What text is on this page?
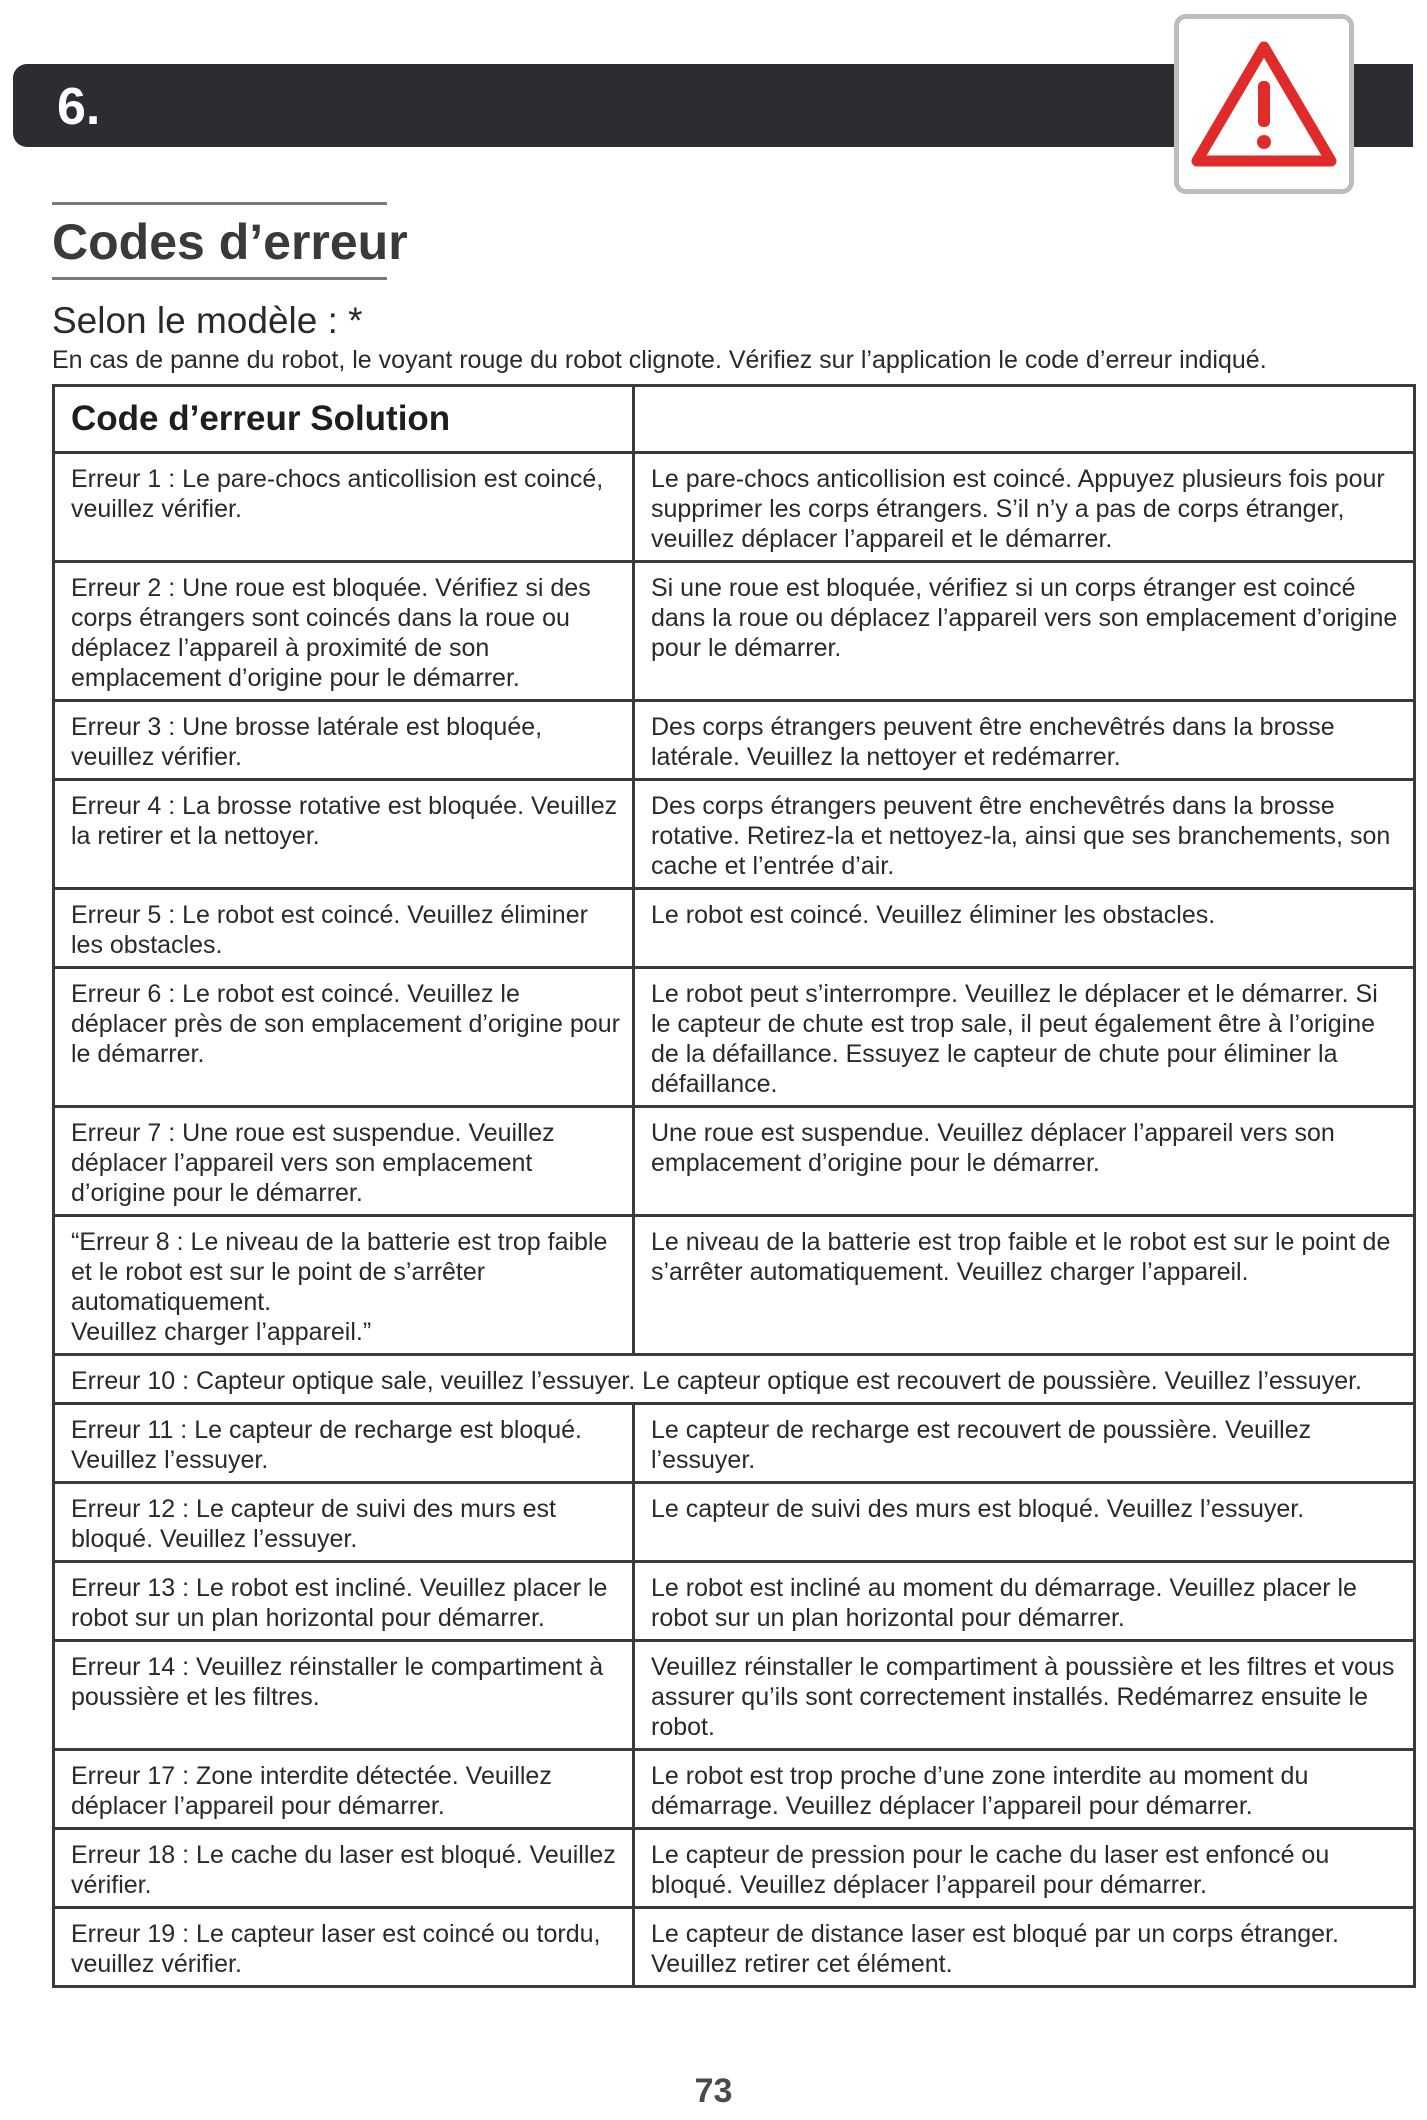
6.
Codes d’erreur
Selon le modèle : *
En cas de panne du robot, le voyant rouge du robot clignote. Vérifiez sur l’application le code d’erreur indiqué.
Code d’erreur Solution	
Erreur 1 : Le pare-chocs anticollision est coincé, veuillez vérifier.	Le pare-chocs anticollision est coincé. Appuyez plusieurs fois pour supprimer les corps étrangers. S’il n’y a pas de corps étranger, veuillez déplacer l’appareil et le démarrer.
Erreur 2 : Une roue est bloquée. Vérifiez si des corps étrangers sont coincés dans la roue ou déplacez l’appareil à proximité de son emplacement d’origine pour le démarrer.	Si une roue est bloquée, vérifiez si un corps étranger est coincé dans la roue ou déplacez l’appareil vers son emplacement d’origine pour le démarrer.
Erreur 3 : Une brosse latérale est bloquée, veuillez vérifier.	Des corps étrangers peuvent être enchevêtrés dans la brosse latérale. Veuillez la nettoyer et redémarrer.
Erreur 4 : La brosse rotative est bloquée. Veuillez la retirer et la nettoyer.	Des corps étrangers peuvent être enchevêtrés dans la brosse rotative. Retirez-la et nettoyez-la, ainsi que ses branchements, son cache et l’entrée d’air.
Erreur 5 : Le robot est coincé. Veuillez éliminer les obstacles.	Le robot est coincé. Veuillez éliminer les obstacles.
Erreur 6 : Le robot est coincé. Veuillez le déplacer près de son emplacement d’origine pour le démarrer.	Le robot peut s’interrompre. Veuillez le déplacer et le démarrer. Si le capteur de chute est trop sale, il peut également être à l’origine de la défaillance. Essuyez le capteur de chute pour éliminer la défaillance.
Erreur 7 : Une roue est suspendue. Veuillez déplacer l’appareil vers son emplacement d’origine pour le démarrer.	Une roue est suspendue. Veuillez déplacer l’appareil vers son emplacement d’origine pour le démarrer.
“Erreur 8 : Le niveau de la batterie est trop faible et le robot est sur le point de s’arrêter automatiquement.
Veuillez charger l’appareil.”	Le niveau de la batterie est trop faible et le robot est sur le point de s’arrêter automatiquement. Veuillez charger l’appareil.
Erreur 10 : Capteur optique sale, veuillez l’essuyer. Le capteur optique est recouvert de poussière. Veuillez l’essuyer.	
Erreur 11 : Le capteur de recharge est bloqué. Veuillez l’essuyer.	Le capteur de recharge est recouvert de poussière. Veuillez l’essuyer.
Erreur 12 : Le capteur de suivi des murs est bloqué. Veuillez l’essuyer.	Le capteur de suivi des murs est bloqué. Veuillez l’essuyer.
Erreur 13 : Le robot est incliné. Veuillez placer le robot sur un plan horizontal pour démarrer.	Le robot est incliné au moment du démarrage. Veuillez placer le robot sur un plan horizontal pour démarrer.
Erreur 14 : Veuillez réinstaller le compartiment à poussière et les filtres.	Veuillez réinstaller le compartiment à poussière et les filtres et vous assurer qu’ils sont correctement installés. Redémarrez ensuite le robot.
Erreur 17 : Zone interdite détectée. Veuillez déplacer l’appareil pour démarrer.	Le robot est trop proche d’une zone interdite au moment du démarrage. Veuillez déplacer l’appareil pour démarrer.
Erreur 18 : Le cache du laser est bloqué. Veuillez vérifier.	Le capteur de pression pour le cache du laser est enfoncé ou bloqué. Veuillez déplacer l’appareil pour démarrer.
Erreur 19 : Le capteur laser est coincé ou tordu, veuillez vérifier.	Le capteur de distance laser est bloqué par un corps étranger. Veuillez retirer cet élément.
73
